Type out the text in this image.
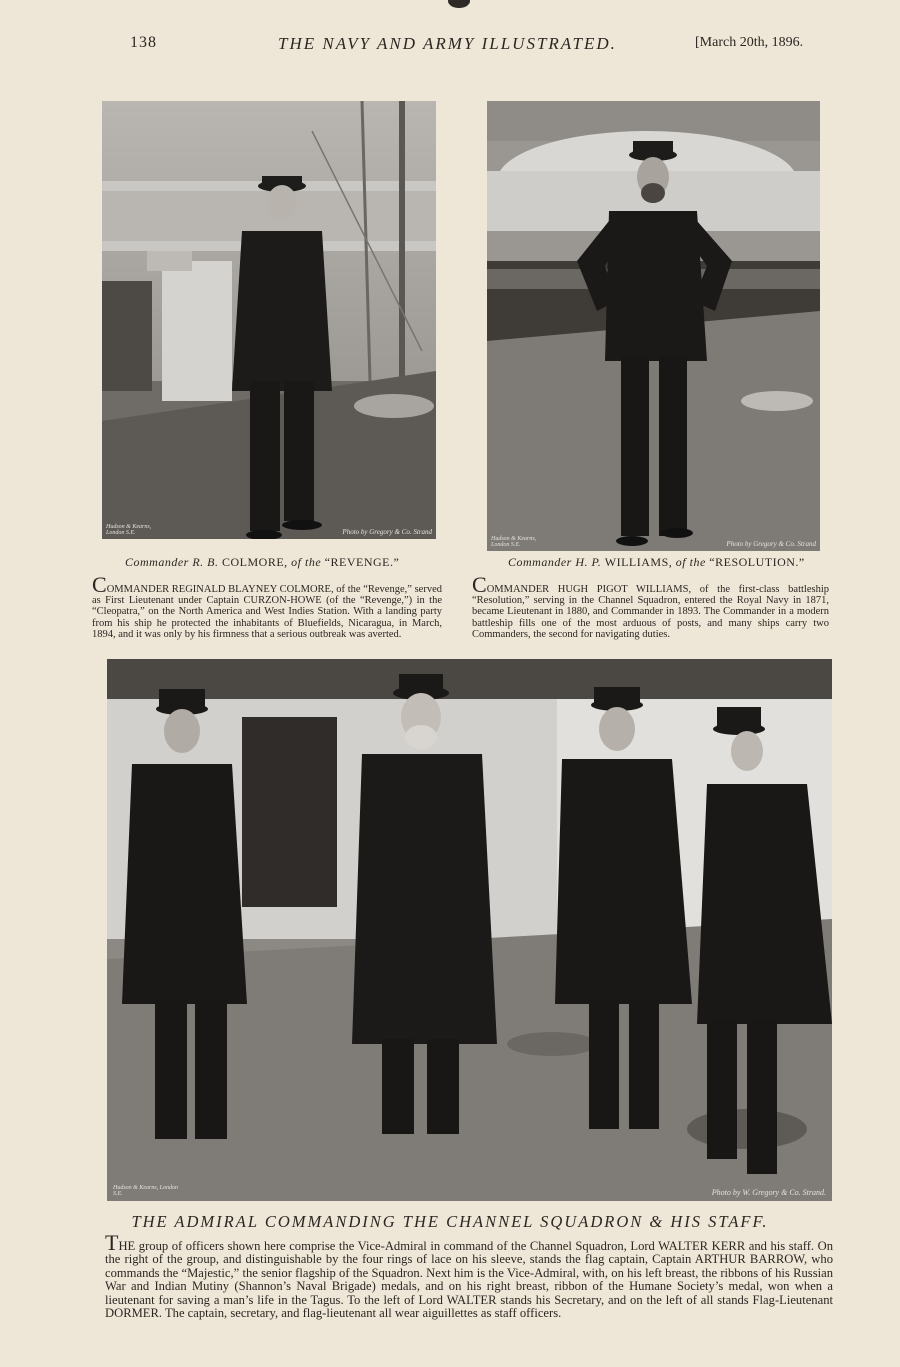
138	THE NAVY AND ARMY ILLUSTRATED.	[March 20th, 1896.
Hudson & Kearns, London S.E.	Photo by Gregory & Co. Strand
Hudson & Kearns, London S.E.	Photo by Gregory & Co. Strand
Commander R. B. COLMORE, of the “REVENGE.”	Commander H. P. WILLIAMS, of the “RESOLUTION.”
COMMANDER REGINALD BLAYNEY COLMORE, of the “Revenge,” served as First Lieutenant under Captain CURZON-HOWE (of the “Revenge,”) in the “Cleopatra,” on the North America and West Indies Station. With a landing party from his ship he protected the inhabitants of Bluefields, Nicaragua, in March, 1894, and it was only by his firmness that a serious outbreak was averted.
COMMANDER HUGH PIGOT WILLIAMS, of the first-class battleship “Resolution,” serving in the Channel Squadron, entered the Royal Navy in 1871, became Lieutenant in 1880, and Commander in 1893. The Commander in a modern battleship fills one of the most arduous of posts, and many ships carry two Commanders, the second for navigating duties.
Hudson & Kearns, London S.E.	Photo by W. Gregory & Co. Strand.
THE ADMIRAL COMMANDING THE CHANNEL SQUADRON & HIS STAFF.
THE group of officers shown here comprise the Vice-Admiral in command of the Channel Squadron, Lord WALTER KERR and his staff. On the right of the group, and distinguishable by the four rings of lace on his sleeve, stands the flag captain, Captain ARTHUR BARROW, who commands the “Majestic,” the senior flagship of the Squadron. Next him is the Vice-Admiral, with, on his left breast, the ribbons of his Russian War and Indian Mutiny (Shannon’s Naval Brigade) medals, and on his right breast, ribbon of the Humane Society’s medal, won when a lieutenant for saving a man’s life in the Tagus. To the left of Lord WALTER stands his Secretary, and on the left of all stands Flag-Lieutenant DORMER. The captain, secretary, and flag-lieutenant all wear aiguillettes as staff officers.
